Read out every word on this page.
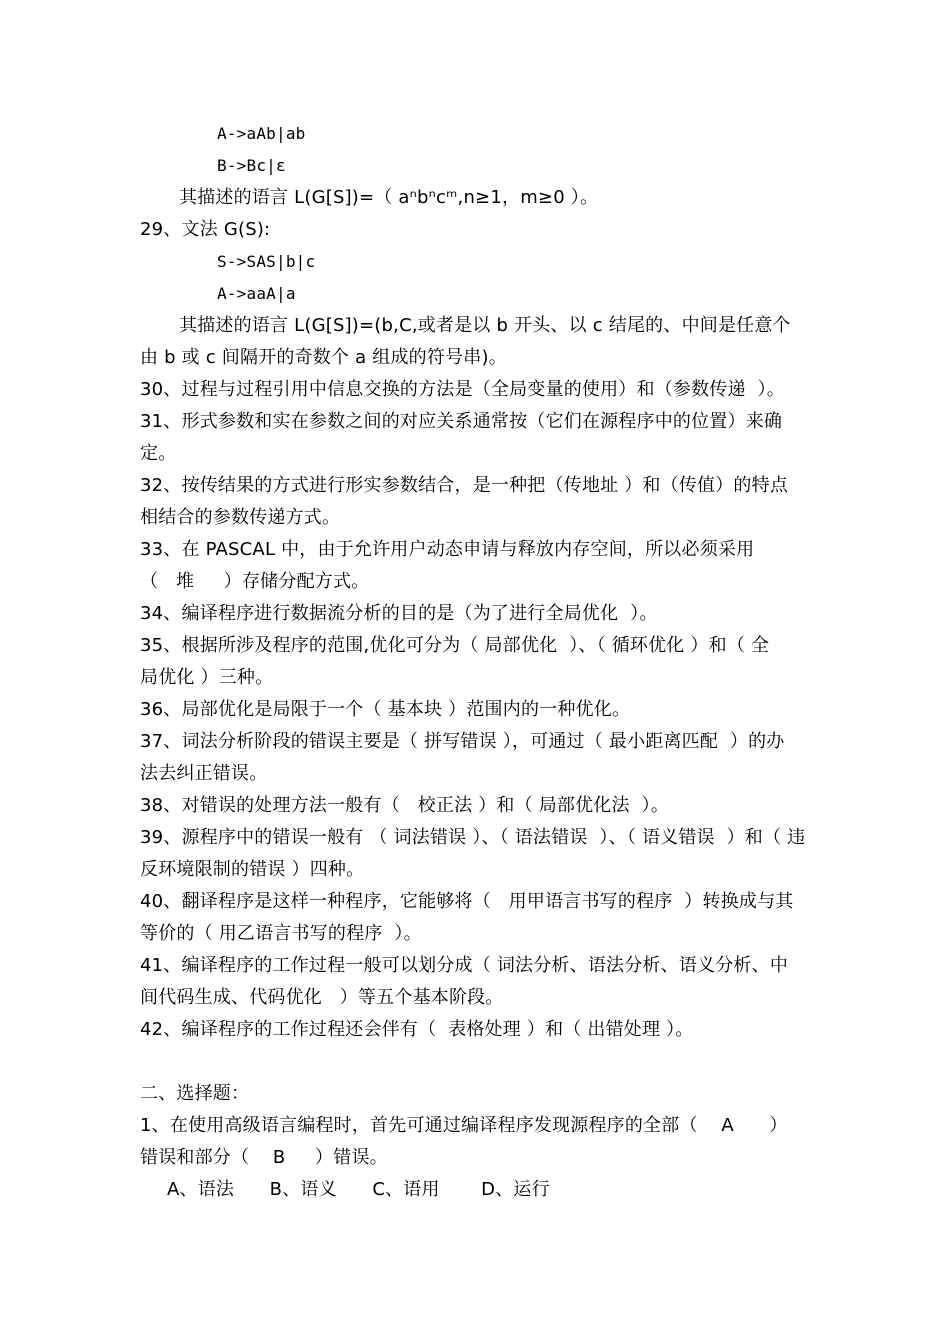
A->aAb|ab
B->Bc|ε
其描述的语言 L(G[S])=（ aⁿbⁿcᵐ,n≥1，m≥0 ）。
29、文法 G(S):
S->SAS|b|c
A->aaA|a
其描述的语言 L(G[S])=(b,C,或者是以 b 开头、以 c 结尾的、中间是任意个
由 b 或 c 间隔开的奇数个 a 组成的符号串)。
30、过程与过程引用中信息交换的方法是（全局变量的使用）和（参数传递  ）。
31、形式参数和实在参数之间的对应关系通常按（它们在源程序中的位置）来确
定。
32、按传结果的方式进行形实参数结合，是一种把（传地址 ）和（传值）的特点
相结合的参数传递方式。
33、在 PASCAL 中，由于允许用户动态申请与释放内存空间，所以必须采用
（   堆     ）存储分配方式。
34、编译程序进行数据流分析的目的是（为了进行全局优化  ）。
35、根据所涉及程序的范围,优化可分为（ 局部优化  ）、（ 循环优化 ）和（ 全
局优化 ）三种。
36、局部优化是局限于一个（ 基本块 ）范围内的一种优化。
37、词法分析阶段的错误主要是（ 拼写错误 ），可通过（ 最小距离匹配  ）的办
法去纠正错误。
38、对错误的处理方法一般有（   校正法 ）和（ 局部优化法  ）。
39、源程序中的错误一般有 （ 词法错误 ）、（ 语法错误  ）、（ 语义错误  ）和（ 违
反环境限制的错误 ）四种。
40、翻译程序是这样一种程序，它能够将（   用甲语言书写的程序  ）转换成与其
等价的（ 用乙语言书写的程序  ）。
41、编译程序的工作过程一般可以划分成（ 词法分析、语法分析、语义分析、中
间代码生成、代码优化   ）等五个基本阶段。
42、编译程序的工作过程还会伴有（  表格处理 ）和（ 出错处理 ）。
二、选择题：
1、在使用高级语言编程时，首先可通过编译程序发现源程序的全部（    A      ）
错误和部分（    B     ）错误。
A、语法      B、语义      C、语用       D、运行
